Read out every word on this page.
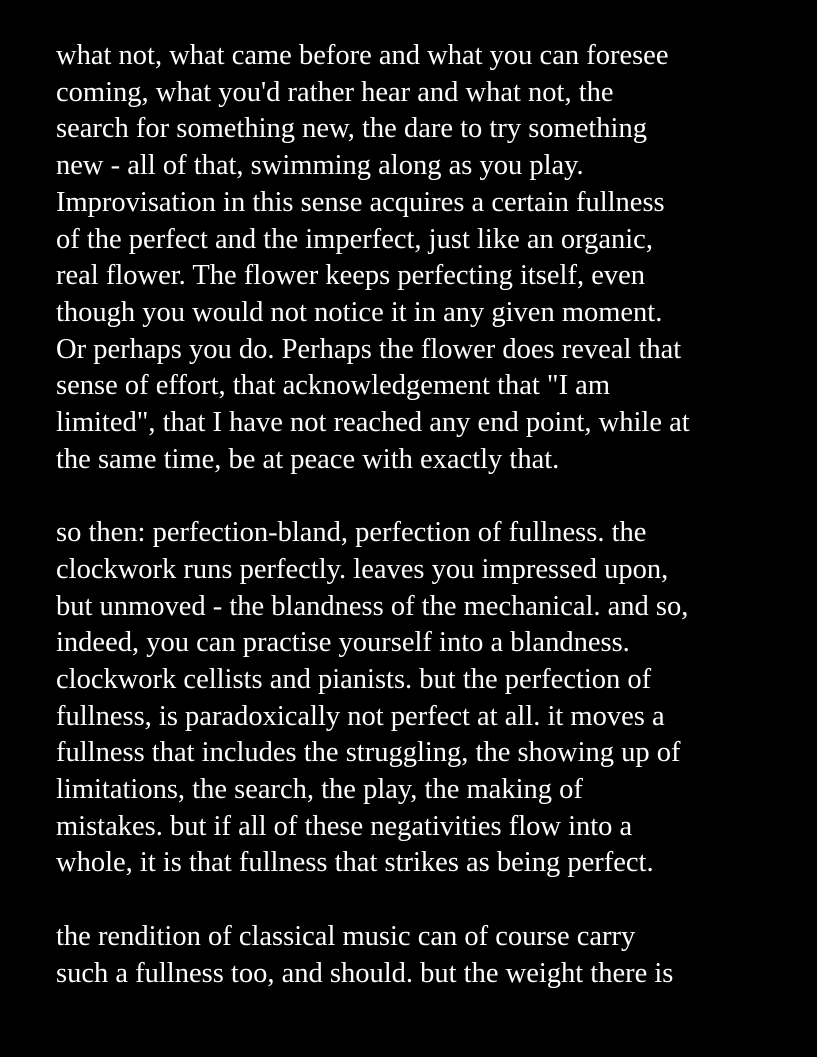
what not, what came before and what you can foresee
coming, what you'd rather hear and what not, the
search for something new, the dare to try something
new - all of that, swimming along as you play.
Improvisation in this sense acquires a certain fullness
of the perfect and the imperfect, just like an organic,
real flower. The flower keeps perfecting itself, even
though you would not notice it in any given moment.
Or perhaps you do. Perhaps the flower does reveal that
sense of effort, that acknowledgement that "I am
limited", that I have not reached any end point, while at
the same time, be at peace with exactly that.

so then: perfection-bland, perfection of fullness. the
clockwork runs perfectly. leaves you impressed upon,
but unmoved - the blandness of the mechanical. and so,
indeed, you can practise yourself into a blandness.
clockwork cellists and pianists. but the perfection of
fullness, is paradoxically not perfect at all. it moves a
fullness that includes the struggling, the showing up of
limitations, the search, the play, the making of
mistakes. but if all of these negativities flow into a
whole, it is that fullness that strikes as being perfect.

the rendition of classical music can of course carry
such a fullness too, and should. but the weight there is
